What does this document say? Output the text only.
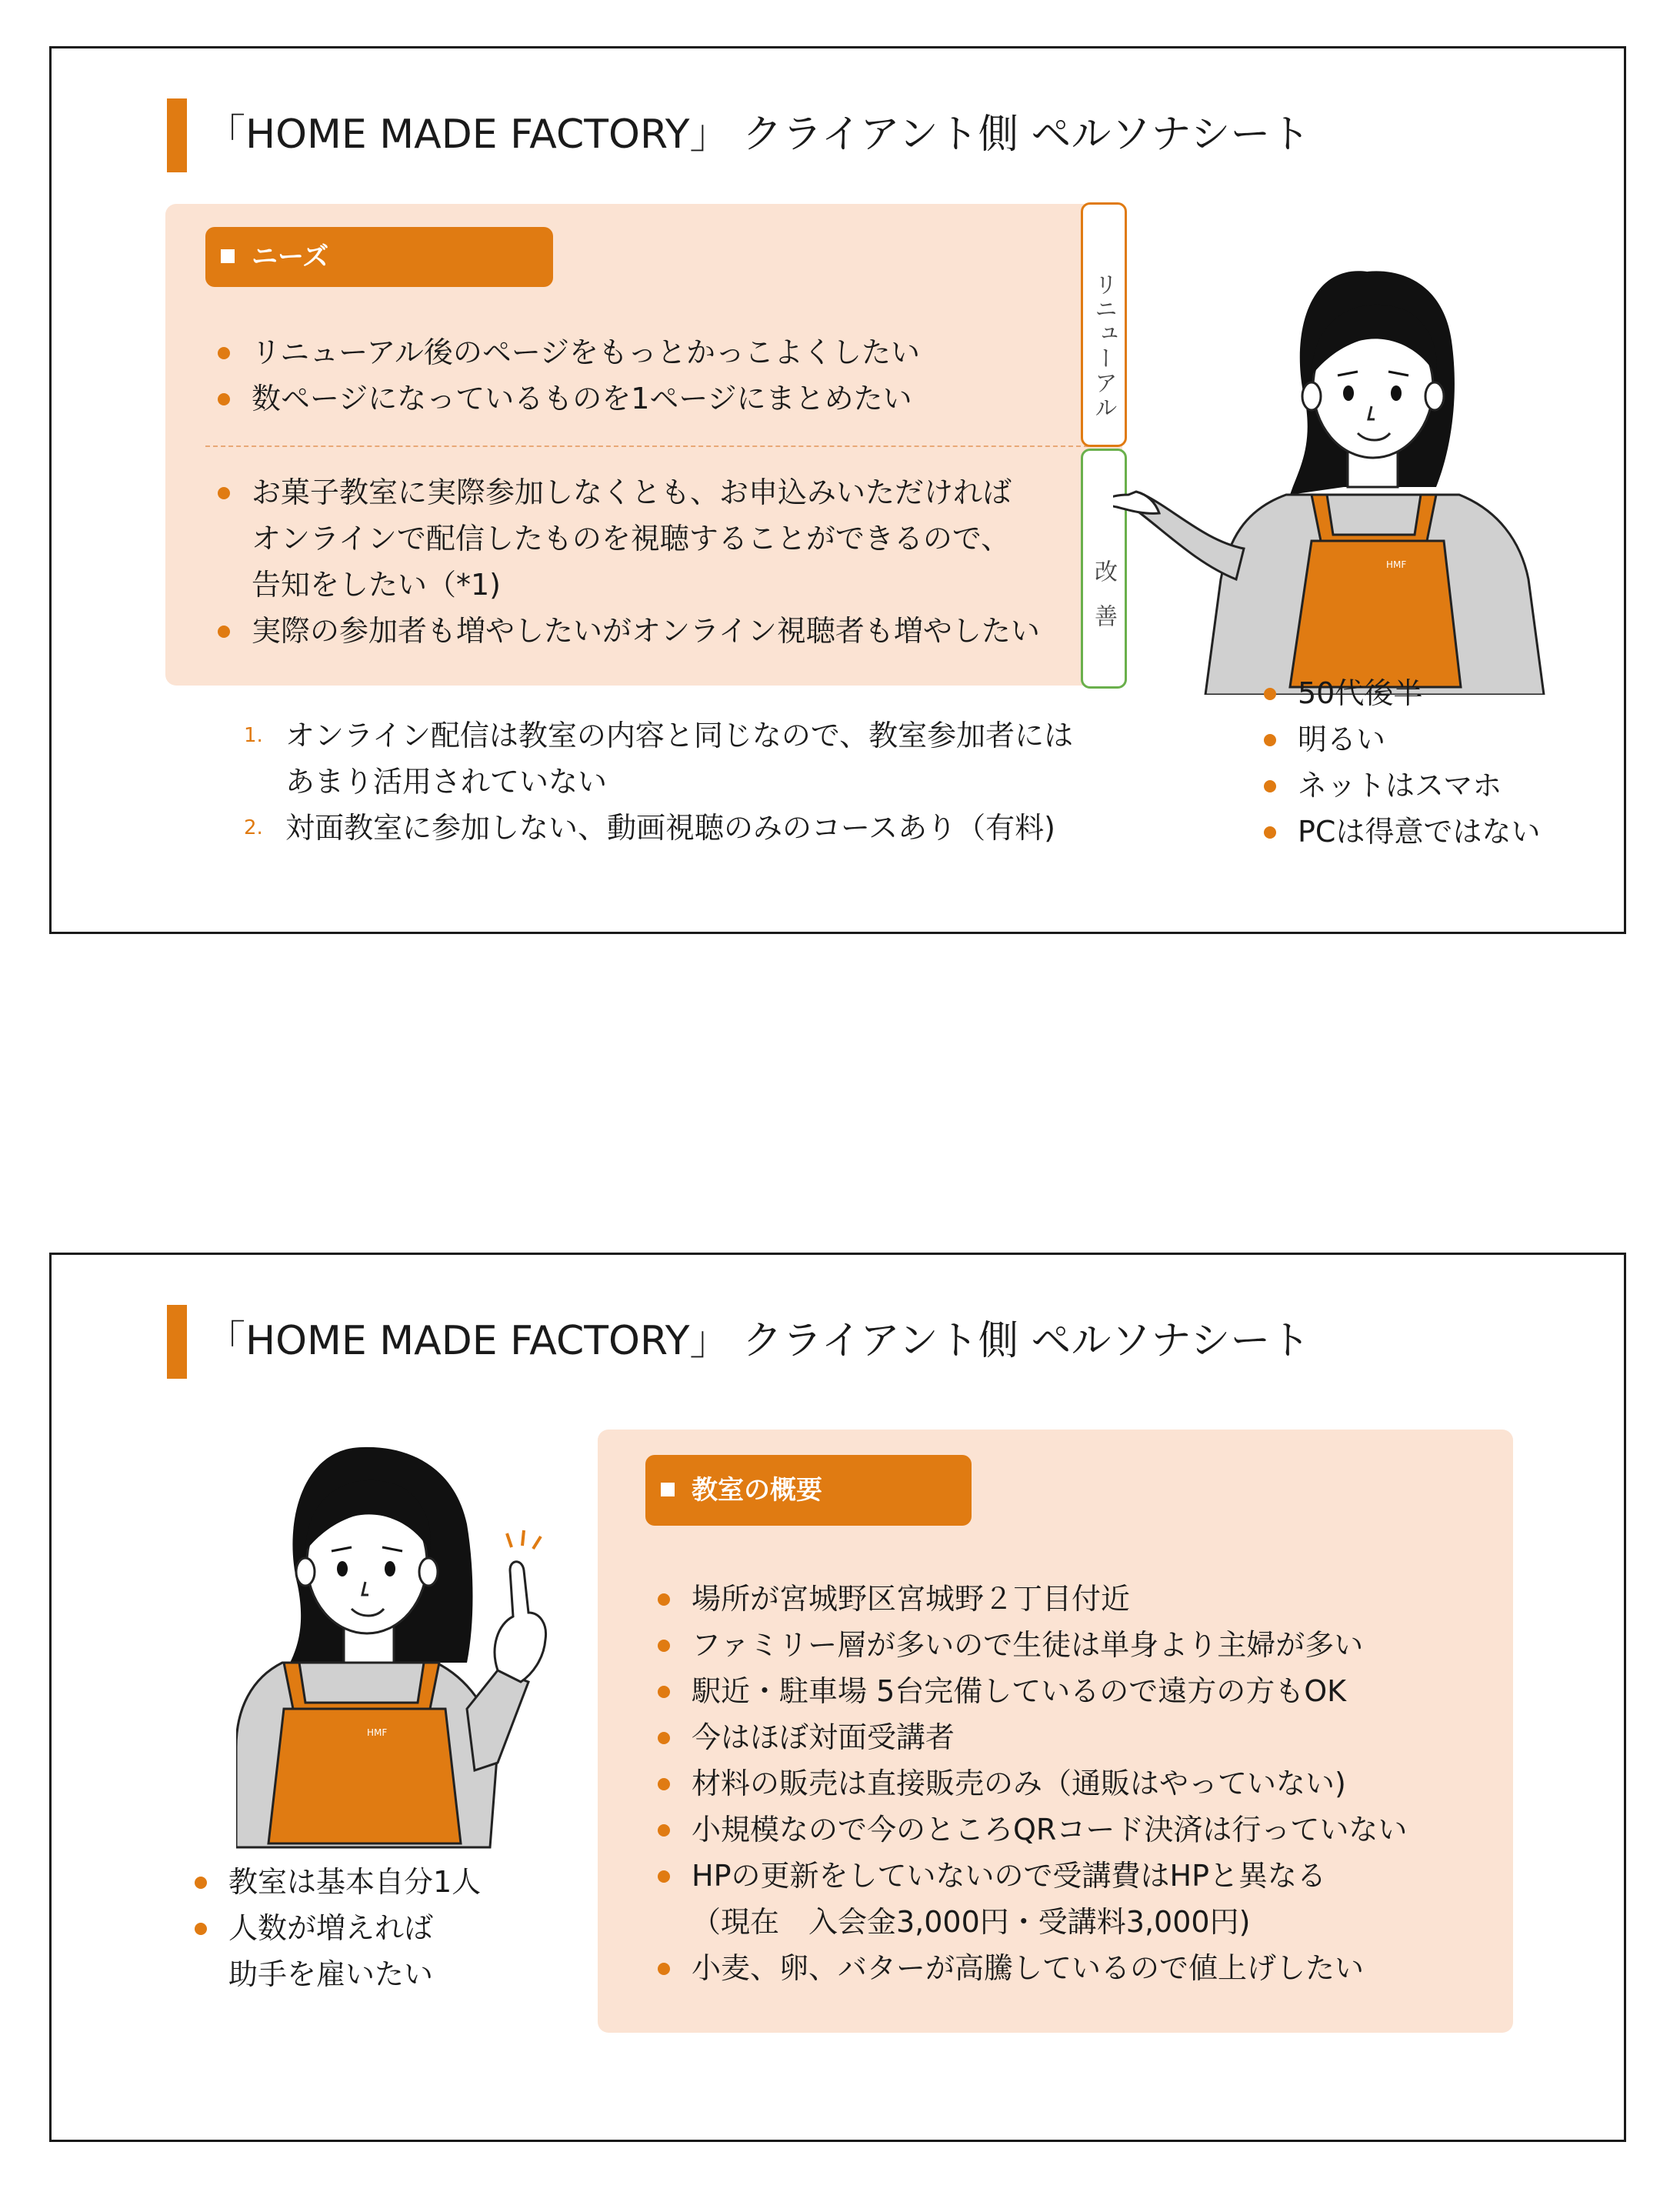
「HOME MADE FACTORY」 クライアント側 ペルソナシート
ニーズ
リニューアル後のページをもっとかっこよくしたい
数ページになっているものを1ページにまとめたい
お菓子教室に実際参加しなくとも、お申込みいただければ
オンラインで配信したものを視聴することができるので、
告知をしたい（*1)
実際の参加者も増やしたいがオンライン視聴者も増やしたい
リニューアル
改善
1. オンライン配信は教室の内容と同じなので、教室参加者には
あまり活用されていない
2. 対面教室に参加しない、動画視聴のみのコースあり（有料)
HMF
50代後半
明るい
ネットはスマホ
PCは得意ではない
「HOME MADE FACTORY」 クライアント側 ペルソナシート
HMF
教室は基本自分1人
人数が増えれば
助手を雇いたい
教室の概要
場所が宮城野区宮城野２丁目付近
ファミリー層が多いので生徒は単身より主婦が多い
駅近・駐車場 5台完備しているので遠方の方もOK
今はほぼ対面受講者
材料の販売は直接販売のみ（通販はやっていない)
小規模なので今のところQRコード決済は行っていない
HPの更新をしていないので受講費はHPと異なる
（現在　入会金3,000円・受講料3,000円)
小麦、卵、バターが高騰しているので値上げしたい
